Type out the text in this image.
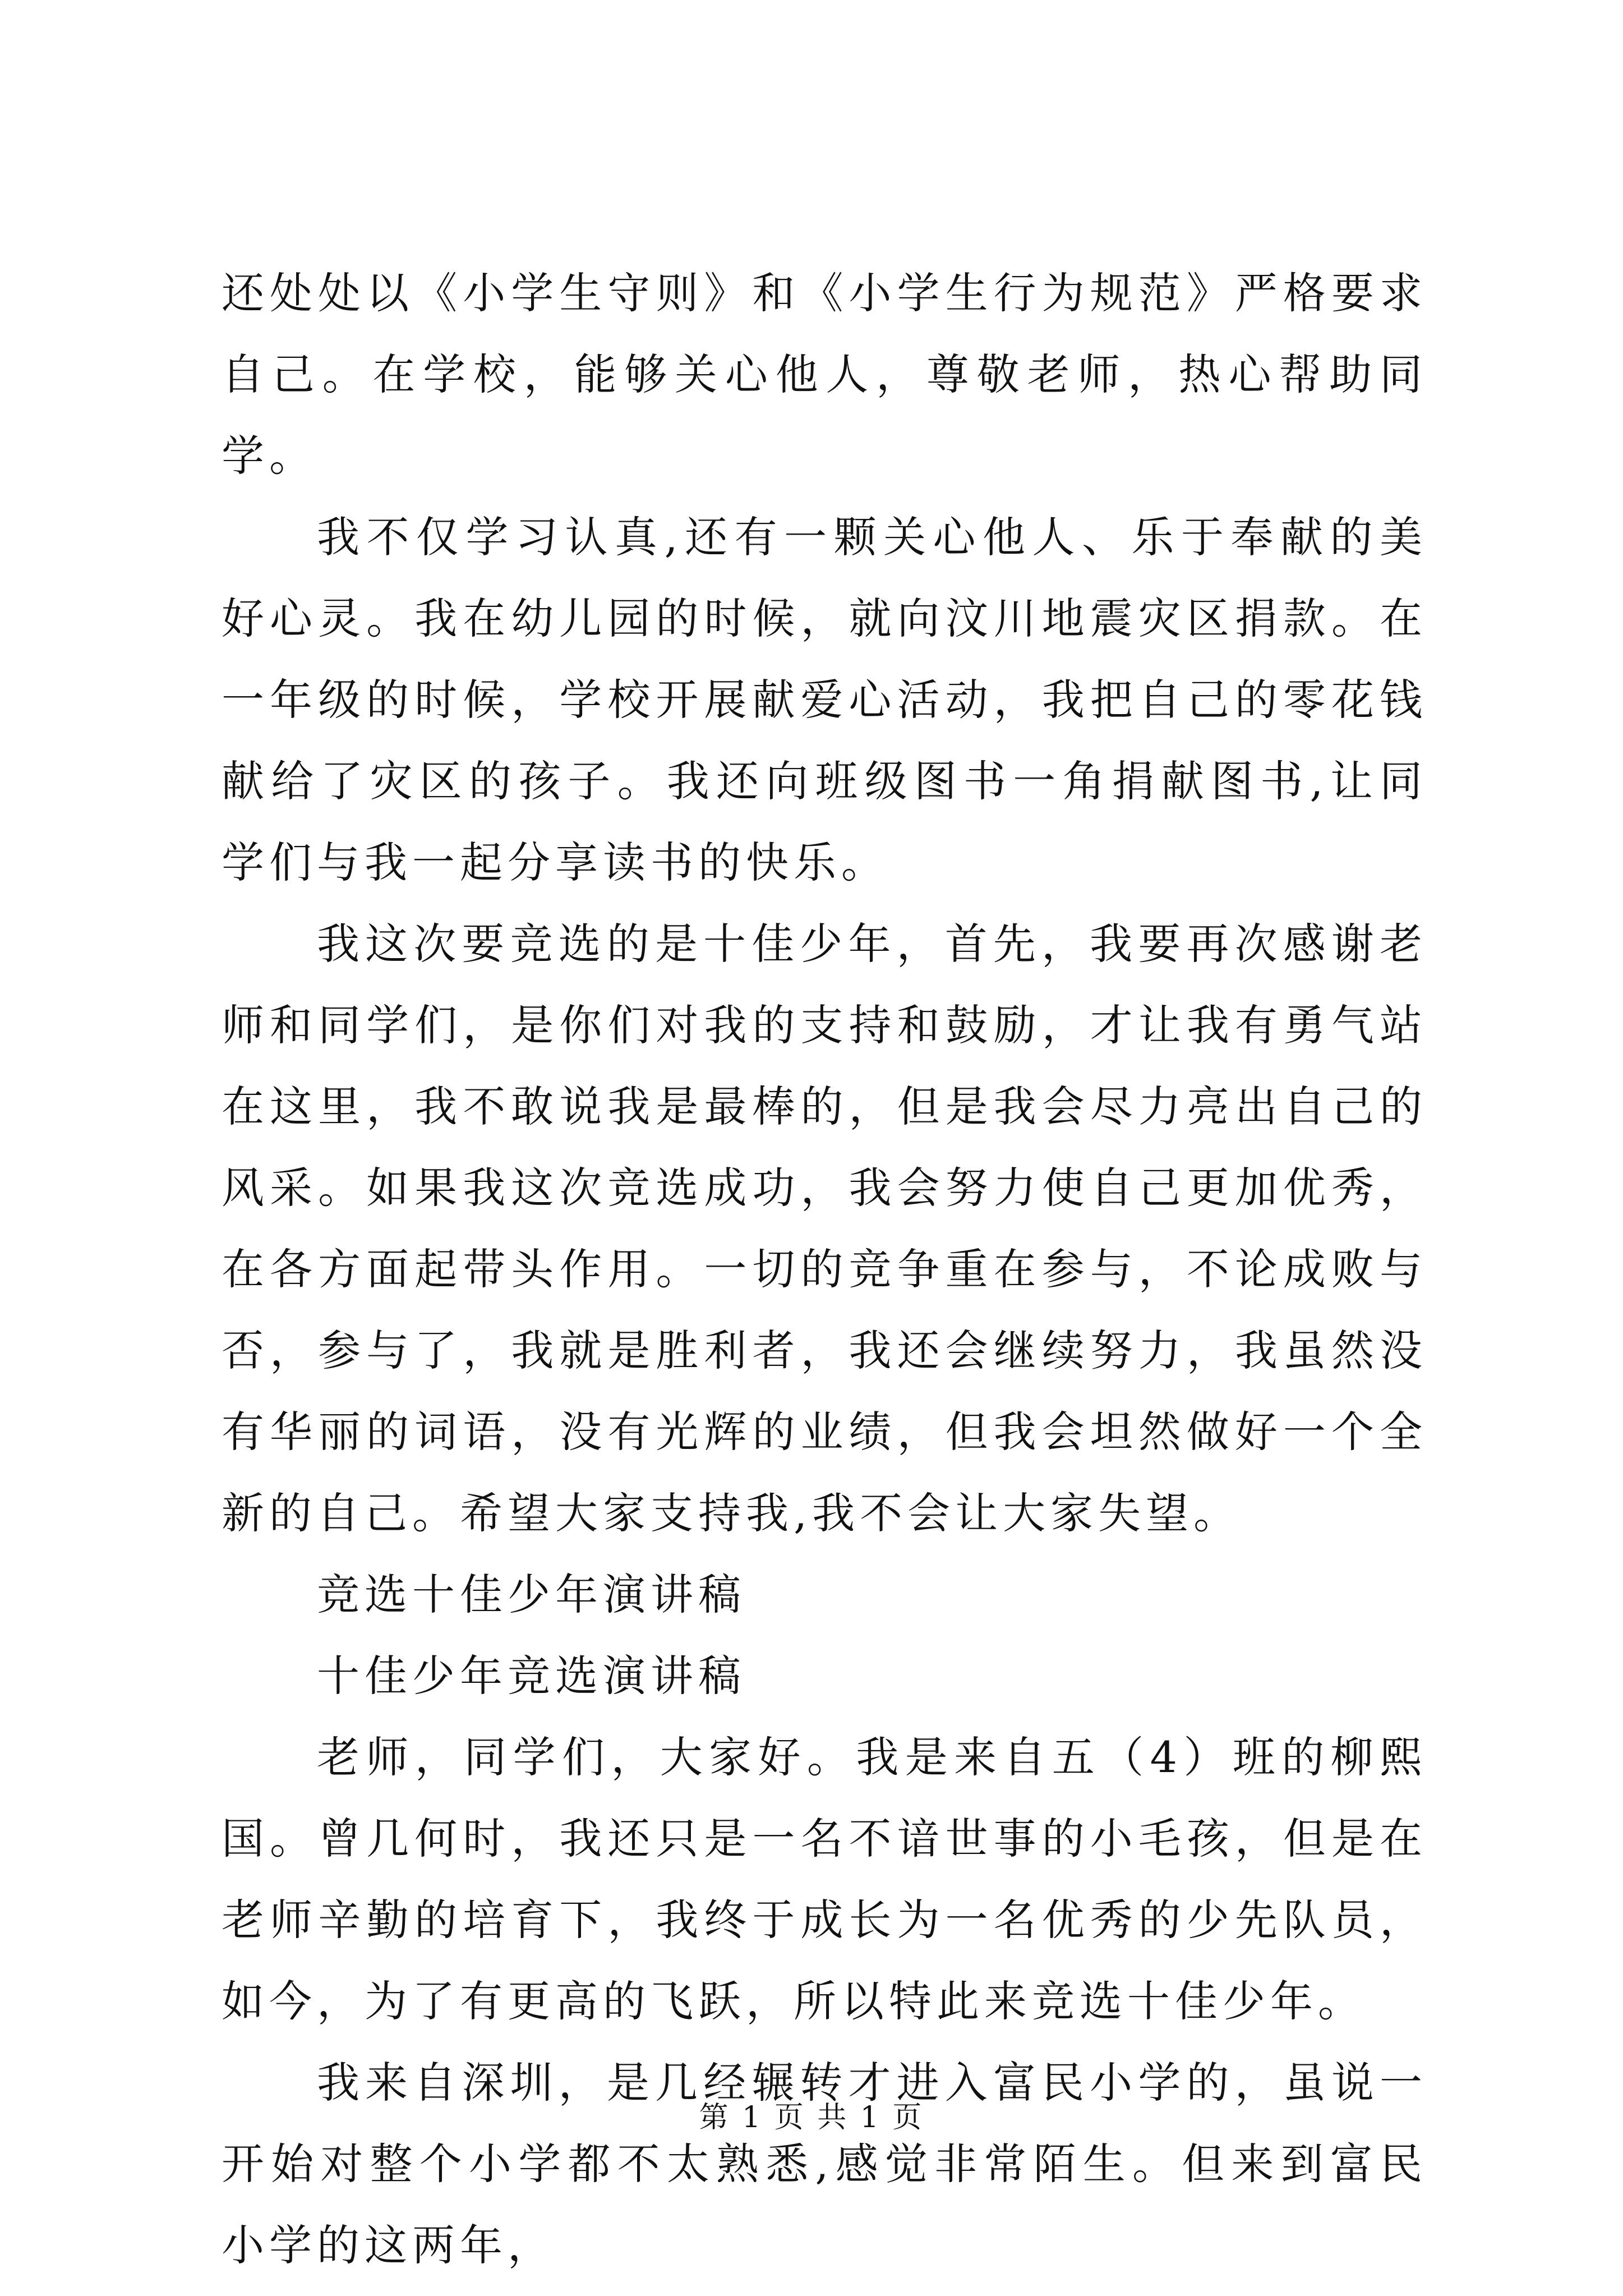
还处处以《小学生守则》和《小学生行为规范》严格要求自己。在学校，能够关心他人，尊敬老师，热心帮助同学。

我不仅学习认真,还有一颗关心他人、乐于奉献的美好心灵。我在幼儿园的时候，就向汶川地震灾区捐款。在一年级的时候，学校开展献爱心活动，我把自己的零花钱献给了灾区的孩子。我还向班级图书一角捐献图书,让同学们与我一起分享读书的快乐。

我这次要竞选的是十佳少年，首先，我要再次感谢老师和同学们，是你们对我的支持和鼓励，才让我有勇气站在这里，我不敢说我是最棒的，但是我会尽力亮出自己的风采。如果我这次竞选成功，我会努力使自己更加优秀，在各方面起带头作用。一切的竞争重在参与，不论成败与否，参与了，我就是胜利者，我还会继续努力，我虽然没有华丽的词语，没有光辉的业绩，但我会坦然做好一个全新的自己。希望大家支持我,我不会让大家失望。

竞选十佳少年演讲稿

十佳少年竞选演讲稿

老师，同学们，大家好。我是来自五（4）班的柳熙国。曾几何时，我还只是一名不谙世事的小毛孩，但是在老师辛勤的培育下，我终于成长为一名优秀的少先队员，如今，为了有更高的飞跃，所以特此来竞选十佳少年。

我来自深圳，是几经辗转才进入富民小学的，虽说一开始对整个小学都不太熟悉,感觉非常陌生。但来到富民小学的这两年，

第 1 页 共 1 页
